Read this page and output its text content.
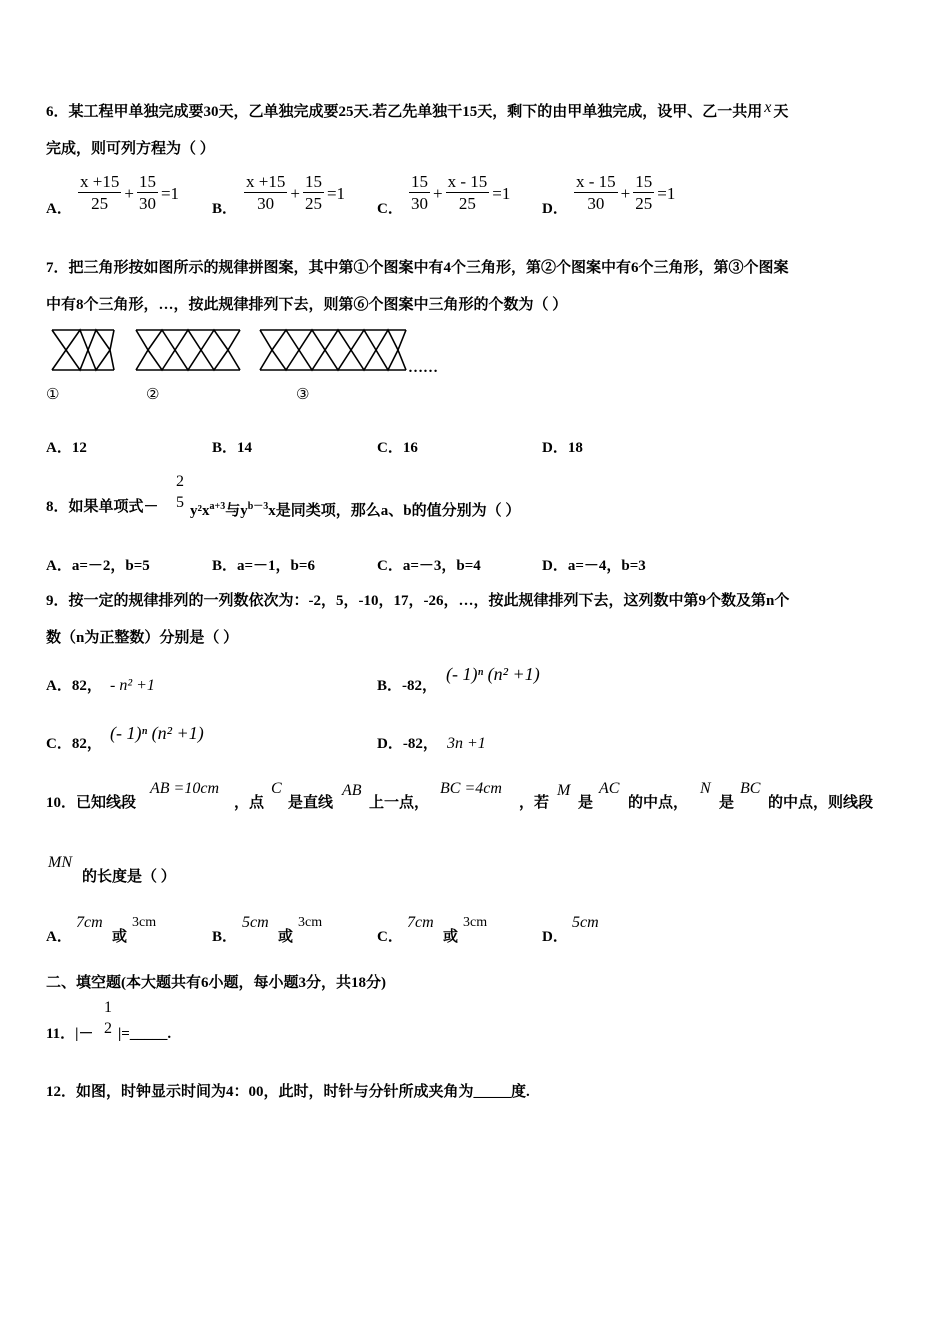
6．某工程甲单独完成要30天，乙单独完成要25天.若乙先单独干15天，剩下的由甲单独完成，设甲、乙一共用 x 天
完成，则可列方程为（ ）
A． $\frac{x +15}{25} + \frac{15}{30} =1$
B． $\frac{x +15}{30} + \frac{15}{25} =1$
C． $\frac{15}{30} + \frac{x - 15}{25} =1$
D． $\frac{x - 15}{30} + \frac{15}{25} =1$
7．把三角形按如图所示的规律拼图案，其中第①个图案中有4个三角形，第②个图案中有6个三角形，第③个图案
中有8个三角形，…，按此规律排列下去，则第⑥个图案中三角形的个数为（ ）
……
①	②	③
A．12	B．14	C．16	D．18
8．如果单项式－
2
5 $y^2x^{a+3}$与$y^{b-3}x$是同类项，那么a、b的值分别为（ ）
A．a=－2，b=5	B．a=－1，b=6	C．a=－3，b=4	D．a=－4，b=3
9．按一定的规律排列的一列数依次为：-2，5，-10，17，-26，…，按此规律排列下去，这列数中第9个数及第n个
数（n为正整数）分别是（ ）
A．82， - n² +1	B．-82，
(- 1)ⁿ (n² +1)
C．82，
(- 1)ⁿ (n² +1)
D．-82， 3n +1
10．已知线段
AB =10cm
，点
C
是直线
AB
上一点，
BC =4cm
，若
M
是
AC
的中点，
N
是
BC
的中点，则线段
MN
的长度是（ ）
A．
7cm
或
3cm
B．
5cm
或
3cm
C．
7cm
或
3cm
D．
5cm
二、填空题(本大题共有6小题，每小题3分，共18分)
11．|－
1
2 |=_____.
12．如图，时钟显示时间为4：00，此时，时针与分针所成夹角为_____度.
